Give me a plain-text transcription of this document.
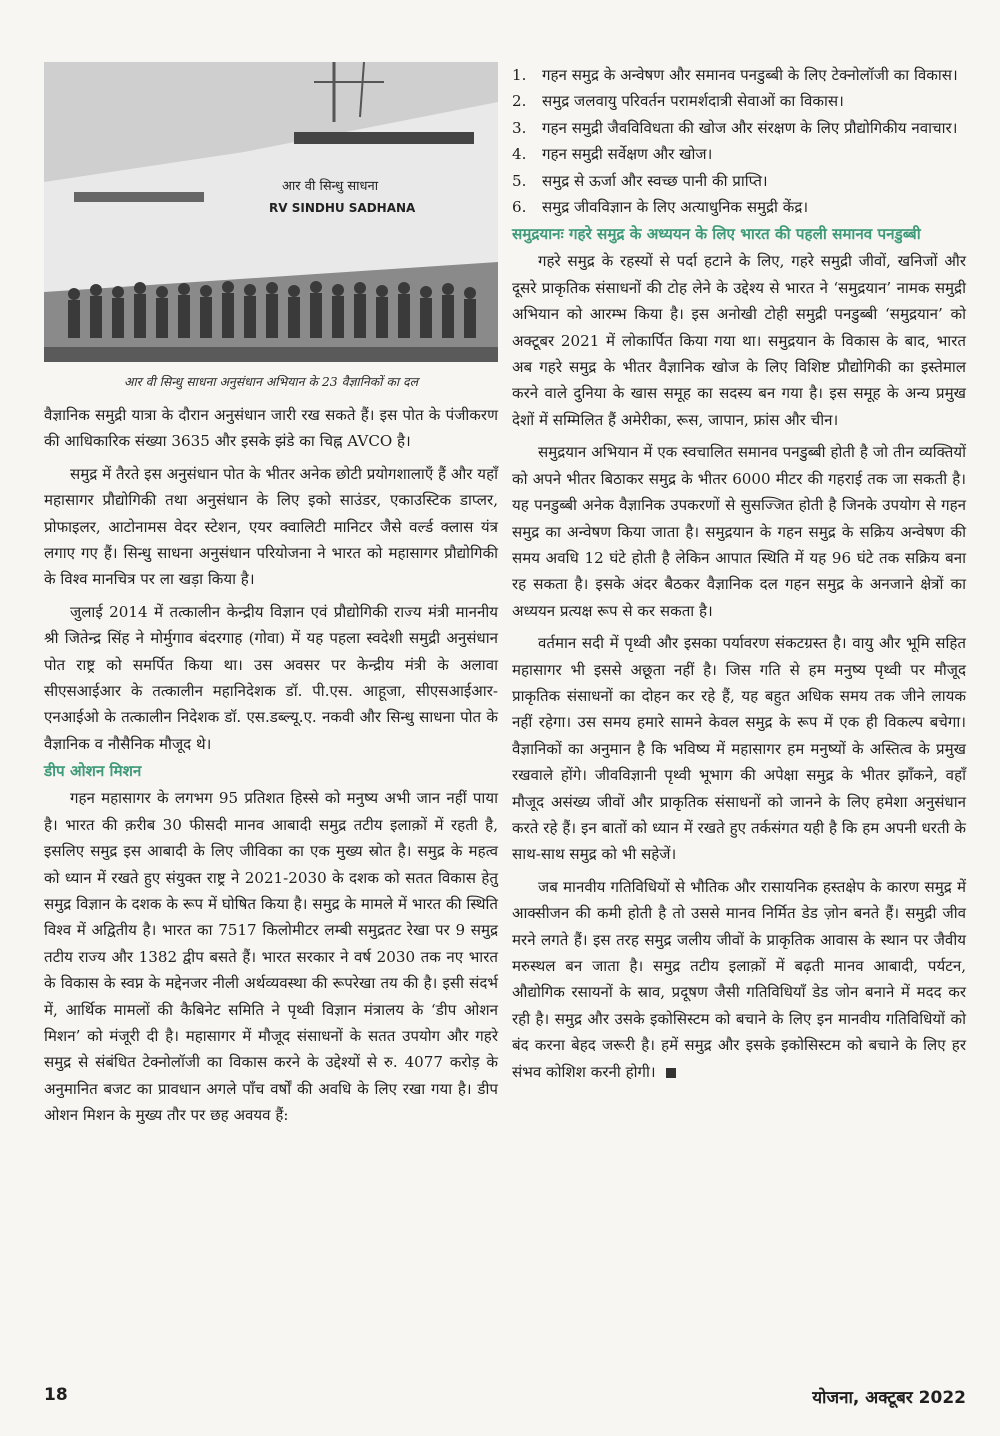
आर वी सिन्धु साधना
RV SINDHU SADHANA
आर वी सिन्धु साधना अनुसंधान अभियान के 23 वैज्ञानिकों का दल

वैज्ञानिक समुद्री यात्रा के दौरान अनुसंधान जारी रख सकते हैं। इस पोत के पंजीकरण की आधिकारिक संख्या 3635 और इसके झंडे का चिह्न AVCO है।

समुद्र में तैरते इस अनुसंधान पोत के भीतर अनेक छोटी प्रयोगशालाएँ हैं और यहाँ महासागर प्रौद्योगिकी तथा अनुसंधान के लिए इको साउंडर, एकाउस्टिक डाप्लर, प्रोफाइलर, आटोनामस वेदर स्टेशन, एयर क्वालिटी मानिटर जैसे वर्ल्ड क्लास यंत्र लगाए गए हैं। सिन्धु साधना अनुसंधान परियोजना ने भारत को महासागर प्रौद्योगिकी के विश्व मानचित्र पर ला खड़ा किया है।

जुलाई 2014 में तत्कालीन केन्द्रीय विज्ञान एवं प्रौद्योगिकी राज्य मंत्री माननीय श्री जितेन्द्र सिंह ने मोर्मुगाव बंदरगाह (गोवा) में यह पहला स्वदेशी समुद्री अनुसंधान पोत राष्ट्र को समर्पित किया था। उस अवसर पर केन्द्रीय मंत्री के अलावा सीएसआईआर के तत्कालीन महानिदेशक डॉ. पी.एस. आहूजा, सीएसआईआर-एनआईओ के तत्कालीन निदेशक डॉ. एस.डब्ल्यू.ए. नकवी और सिन्धु साधना पोत के वैज्ञानिक व नौसैनिक मौजूद थे।

डीप ओशन मिशन

गहन महासागर के लगभग 95 प्रतिशत हिस्से को मनुष्य अभी जान नहीं पाया है। भारत की क़रीब 30 फीसदी मानव आबादी समुद्र तटीय इलाक़ों में रहती है, इसलिए समुद्र इस आबादी के लिए जीविका का एक मुख्य स्रोत है। समुद्र के महत्व को ध्यान में रखते हुए संयुक्त राष्ट्र ने 2021-2030 के दशक को सतत विकास हेतु समुद्र विज्ञान के दशक के रूप में घोषित किया है। समुद्र के मामले में भारत की स्थिति विश्व में अद्वितीय है। भारत का 7517 किलोमीटर लम्बी समुद्रतट रेखा पर 9 समुद्र तटीय राज्य और 1382 द्वीप बसते हैं। भारत सरकार ने वर्ष 2030 तक नए भारत के विकास के स्वप्न के मद्देनजर नीली अर्थव्यवस्था की रूपरेखा तय की है। इसी संदर्भ में, आर्थिक मामलों की कैबिनेट समिति ने पृथ्वी विज्ञान मंत्रालय के ‘डीप ओशन मिशन’ को मंजूरी दी है। महासागर में मौजूद संसाधनों के सतत उपयोग और गहरे समुद्र से संबंधित टेक्नोलॉजी का विकास करने के उद्देश्यों से रु. 4077 करोड़ के अनुमानित बजट का प्रावधान अगले पाँच वर्षों की अवधि के लिए रखा गया है। डीप ओशन मिशन के मुख्य तौर पर छह अवयव हैं:

1. गहन समुद्र के अन्वेषण और समानव पनडुब्बी के लिए टेक्नोलॉजी का विकास।
2. समुद्र जलवायु परिवर्तन परामर्शदात्री सेवाओं का विकास।
3. गहन समुद्री जैवविविधता की खोज और संरक्षण के लिए प्रौद्योगिकीय नवाचार।
4. गहन समुद्री सर्वेक्षण और खोज।
5. समुद्र से ऊर्जा और स्वच्छ पानी की प्राप्ति।
6. समुद्र जीवविज्ञान के लिए अत्याधुनिक समुद्री केंद्र।
समुद्रयानः गहरे समुद्र के अध्ययन के लिए भारत की पहली समानव पनडुब्बी

गहरे समुद्र के रहस्यों से पर्दा हटाने के लिए, गहरे समुद्री जीवों, खनिजों और दूसरे प्राकृतिक संसाधनों की टोह लेने के उद्देश्य से भारत ने ‘समुद्रयान’ नामक समुद्री अभियान को आरम्भ किया है। इस अनोखी टोही समुद्री पनडुब्बी ‘समुद्रयान’ को अक्टूबर 2021 में लोकार्पित किया गया था। समुद्रयान के विकास के बाद, भारत अब गहरे समुद्र के भीतर वैज्ञानिक खोज के लिए विशिष्ट प्रौद्योगिकी का इस्तेमाल करने वाले दुनिया के खास समूह का सदस्य बन गया है। इस समूह के अन्य प्रमुख देशों में सम्मिलित हैं अमेरीका, रूस, जापान, फ्रांस और चीन।

समुद्रयान अभियान में एक स्वचालित समानव पनडुब्बी होती है जो तीन व्यक्तियों को अपने भीतर बिठाकर समुद्र के भीतर 6000 मीटर की गहराई तक जा सकती है। यह पनडुब्बी अनेक वैज्ञानिक उपकरणों से सुसज्जित होती है जिनके उपयोग से गहन समुद्र का अन्वेषण किया जाता है। समुद्रयान के गहन समुद्र के सक्रिय अन्वेषण की समय अवधि 12 घंटे होती है लेकिन आपात स्थिति में यह 96 घंटे तक सक्रिय बना रह सकता है। इसके अंदर बैठकर वैज्ञानिक दल गहन समुद्र के अनजाने क्षेत्रों का अध्ययन प्रत्यक्ष रूप से कर सकता है।

वर्तमान सदी में पृथ्वी और इसका पर्यावरण संकटग्रस्त है। वायु और भूमि सहित महासागर भी इससे अछूता नहीं है। जिस गति से हम मनुष्य पृथ्वी पर मौजूद प्राकृतिक संसाधनों का दोहन कर रहे हैं, यह बहुत अधिक समय तक जीने लायक नहीं रहेगा। उस समय हमारे सामने केवल समुद्र के रूप में एक ही विकल्प बचेगा। वैज्ञानिकों का अनुमान है कि भविष्य में महासागर हम मनुष्यों के अस्तित्व के प्रमुख रखवाले होंगे। जीवविज्ञानी पृथ्वी भूभाग की अपेक्षा समुद्र के भीतर झाँकने, वहाँ मौजूद असंख्य जीवों और प्राकृतिक संसाधनों को जानने के लिए हमेशा अनुसंधान करते रहे हैं। इन बातों को ध्यान में रखते हुए तर्कसंगत यही है कि हम अपनी धरती के साथ-साथ समुद्र को भी सहेजें।

जब मानवीय गतिविधियों से भौतिक और रासायनिक हस्तक्षेप के कारण समुद्र में आक्सीजन की कमी होती है तो उससे मानव निर्मित डेड ज़ोन बनते हैं। समुद्री जीव मरने लगते हैं। इस तरह समुद्र जलीय जीवों के प्राकृतिक आवास के स्थान पर जैवीय मरुस्थल बन जाता है। समुद्र तटीय इलाक़ों में बढ़ती मानव आबादी, पर्यटन, औद्योगिक रसायनों के स्राव, प्रदूषण जैसी गतिविधियाँ डेड जोन बनाने में मदद कर रही है। समुद्र और उसके इकोसिस्टम को बचाने के लिए इन मानवीय गतिविधियों को बंद करना बेहद जरूरी है। हमें समुद्र और इसके इकोसिस्टम को बचाने के लिए हर संभव कोशिश करनी होगी।

18	योजना, अक्टूबर 2022
